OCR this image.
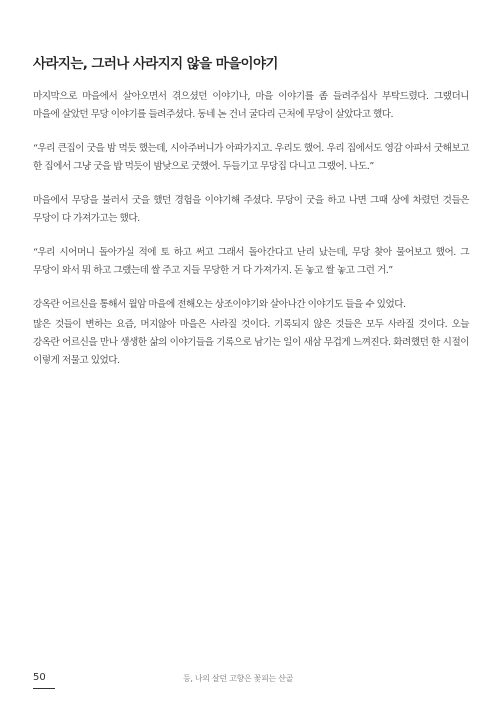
사라지는, 그러나 사라지지 않을 마을이야기

마지막으로 마을에서 살아오면서 겪으셨던 이야기나, 마을 이야기를 좀 들려주십사 부탁드렸다. 그랬더니 마을에 살았던 무당 이야기를 들려주셨다. 동네 논 건너 굴다리 근처에 무당이 살았다고 했다.

“우리 큰집이 굿을 밤 먹듯 했는데, 시아주버니가 아파가지고. 우리도 했어. 우리 집에서도 영감 아파서 굿해보고 한 집에서 그냥 굿을 밥 먹듯이 밤낮으로 굿했어. 두들기고 무당집 다니고 그랬어. 나도.”

마을에서 무당을 불러서 굿을 했던 경험을 이야기해 주셨다. 무당이 굿을 하고 나면 그때 상에 차렸던 것들은 무당이 다 가져가고는 했다.

“우리 시어머니 돌아가실 적에 토 하고 써고 그래서 돌아간다고 난리 났는데, 무당 찾아 물어보고 했어. 그 무당이 와서 뭐 하고 그랬는데 쌀 주고 지들 무당한 거 다 가져가지. 돈 놓고 쌀 놓고 그런 거.”

강옥란 어르신을 통해서 월암 마을에 전해오는 상조이야기와 살아나간 이야기도 들을 수 있었다.

많은 것들이 변하는 요즘, 머지않아 마을은 사라질 것이다. 기록되지 않은 것들은 모두 사라질 것이다. 오늘 강옥란 어르신을 만나 생생한 삶의 이야기들을 기록으로 남기는 일이 새삼 무겁게 느껴진다. 화려했던 한 시절이 이렇게 저물고 있었다.

50	등, 나의 살던 고향은 꽃피는 산골
